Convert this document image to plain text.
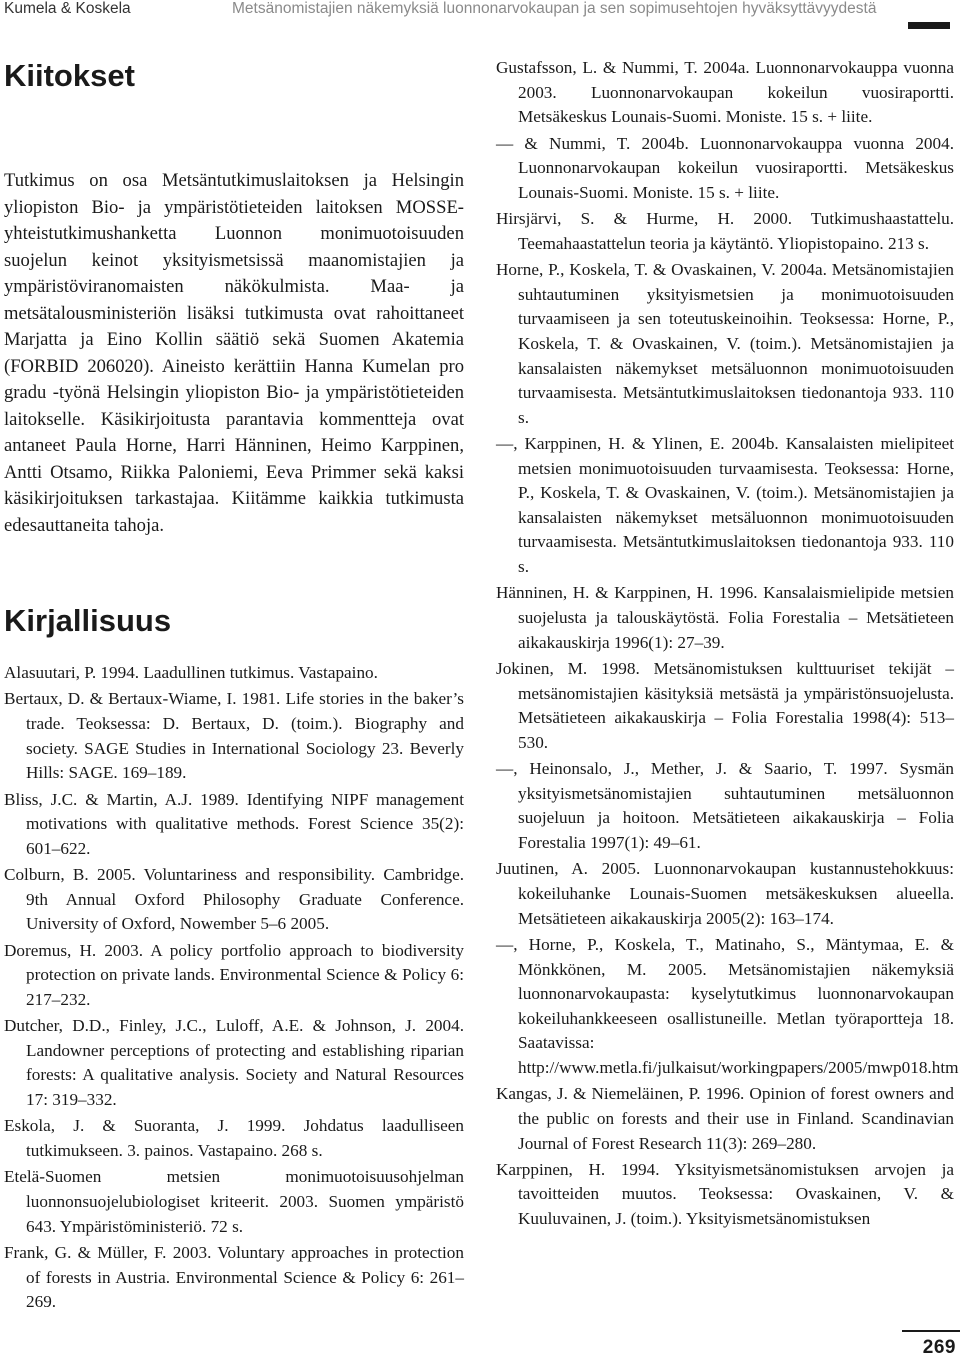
Kumela & Koskela	Metsänomistajien näkemyksiä luonnonarvokaupan ja sen sopimusehtojen hyväksyttävyydestä
Kiitokset

Tutkimus on osa Metsäntutkimuslaitoksen ja Helsingin yliopiston Bio- ja ympäristötieteiden laitoksen MOSSE-yhteistutkimushanketta Luonnon monimuotoisuuden suojelun keinot yksityismetsissä maanomistajien ja ympäristöviranomaisten näkökulmista. Maa- ja metsätalousministeriön lisäksi tutkimusta ovat rahoittaneet Marjatta ja Eino Kollin säätiö sekä Suomen Akatemia (FORBID 206020). Aineisto kerättiin Hanna Kumelan pro gradu -työnä Helsingin yliopiston Bio- ja ympäristötieteiden laitokselle. Käsikirjoitusta parantavia kommentteja ovat antaneet Paula Horne, Harri Hänninen, Heimo Karppinen, Antti Otsamo, Riikka Paloniemi, Eeva Primmer sekä kaksi käsikirjoituksen tarkastajaa. Kiitämme kaikkia tutkimusta edesauttaneita tahoja.

Kirjallisuus

Alasuutari, P. 1994. Laadullinen tutkimus. Vastapaino.

Bertaux, D. & Bertaux-Wiame, I. 1981. Life stories in the baker’s trade. Teoksessa: D. Bertaux, D. (toim.). Biography and society. SAGE Studies in International Sociology 23. Beverly Hills: SAGE. 169–189.

Bliss, J.C. & Martin, A.J. 1989. Identifying NIPF management motivations with qualitative methods. Forest Science 35(2): 601–622.

Colburn, B. 2005. Voluntariness and responsibility. Cambridge. 9th Annual Oxford Philosophy Graduate Conference. University of Oxford, Nowember 5–6 2005.

Doremus, H. 2003. A policy portfolio approach to biodiversity protection on private lands. Environmental Science & Policy 6: 217–232.

Dutcher, D.D., Finley, J.C., Luloff, A.E. & Johnson, J. 2004. Landowner perceptions of protecting and establishing riparian forests: A qualitative analysis. Society and Natural Resources 17: 319–332.

Eskola, J. & Suoranta, J. 1999. Johdatus laadulliseen tutkimukseen. 3. painos. Vastapaino. 268 s.

Etelä-Suomen metsien monimuotoisuusohjelman luonnonsuojelubiologiset kriteerit. 2003. Suomen ympäristö 643. Ympäristöministeriö. 72 s.

Frank, G. & Müller, F. 2003. Voluntary approaches in protection of forests in Austria. Environmental Science & Policy 6: 261–269.

Gustafsson, L. & Nummi, T. 2004a. Luonnonarvokauppa vuonna 2003. Luonnonarvokaupan kokeilun vuosiraportti. Metsäkeskus Lounais-Suomi. Moniste. 15 s. + liite.

— & Nummi, T. 2004b. Luonnonarvokauppa vuonna 2004. Luonnonarvokaupan kokeilun vuosiraportti. Metsäkeskus Lounais-Suomi. Moniste. 15 s. + liite.

Hirsjärvi, S. & Hurme, H. 2000. Tutkimushaastattelu. Teemahaastattelun teoria ja käytäntö. Yliopistopaino. 213 s.

Horne, P., Koskela, T. & Ovaskainen, V. 2004a. Metsänomistajien suhtautuminen yksityismetsien ja monimuotoisuuden turvaamiseen ja sen toteutuskeinoihin. Teoksessa: Horne, P., Koskela, T. & Ovaskainen, V. (toim.). Metsänomistajien ja kansalaisten näkemykset metsäluonnon monimuotoisuuden turvaamisesta. Metsäntutkimuslaitoksen tiedonantoja 933. 110 s.

—, Karppinen, H. & Ylinen, E. 2004b. Kansalaisten mielipiteet metsien monimuotoisuuden turvaamisesta. Teoksessa: Horne, P., Koskela, T. & Ovaskainen, V. (toim.). Metsänomistajien ja kansalaisten näkemykset metsäluonnon monimuotoisuuden turvaamisesta. Metsäntutkimuslaitoksen tiedonantoja 933. 110 s.

Hänninen, H. & Karppinen, H. 1996. Kansalaismielipide metsien suojelusta ja talouskäytöstä. Folia Forestalia – Metsätieteen aikakauskirja 1996(1): 27–39.

Jokinen, M. 1998. Metsänomistuksen kulttuuriset tekijät – metsänomistajien käsityksiä metsästä ja ympäristönsuojelusta. Metsätieteen aikakauskirja – Folia Forestalia 1998(4): 513–530.

—, Heinonsalo, J., Mether, J. & Saario, T. 1997. Sysmän yksityismetsänomistajien suhtautuminen metsäluonnon suojeluun ja hoitoon. Metsätieteen aikakauskirja – Folia Forestalia 1997(1): 49–61.

Juutinen, A. 2005. Luonnonarvokaupan kustannustehokkuus: kokeiluhanke Lounais-Suomen metsäkeskuksen alueella. Metsätieteen aikakauskirja 2005(2): 163–174.

—, Horne, P., Koskela, T., Matinaho, S., Mäntymaa, E. & Mönkkönen, M. 2005. Metsänomistajien näkemyksiä luonnonarvokaupasta: kyselytutkimus luonnonarvokaupan kokeiluhankkeeseen osallistuneille. Metlan työraportteja 18. Saatavissa: http://www.metla.fi/julkaisut/workingpapers/2005/mwp018.htm

Kangas, J. & Niemeläinen, P. 1996. Opinion of forest owners and the public on forests and their use in Finland. Scandinavian Journal of Forest Research 11(3): 269–280.

Karppinen, H. 1994. Yksityismetsänomistuksen arvojen ja tavoitteiden muutos. Teoksessa: Ovaskainen, V. & Kuuluvainen, J. (toim.). Yksityismetsänomistuksen

269
